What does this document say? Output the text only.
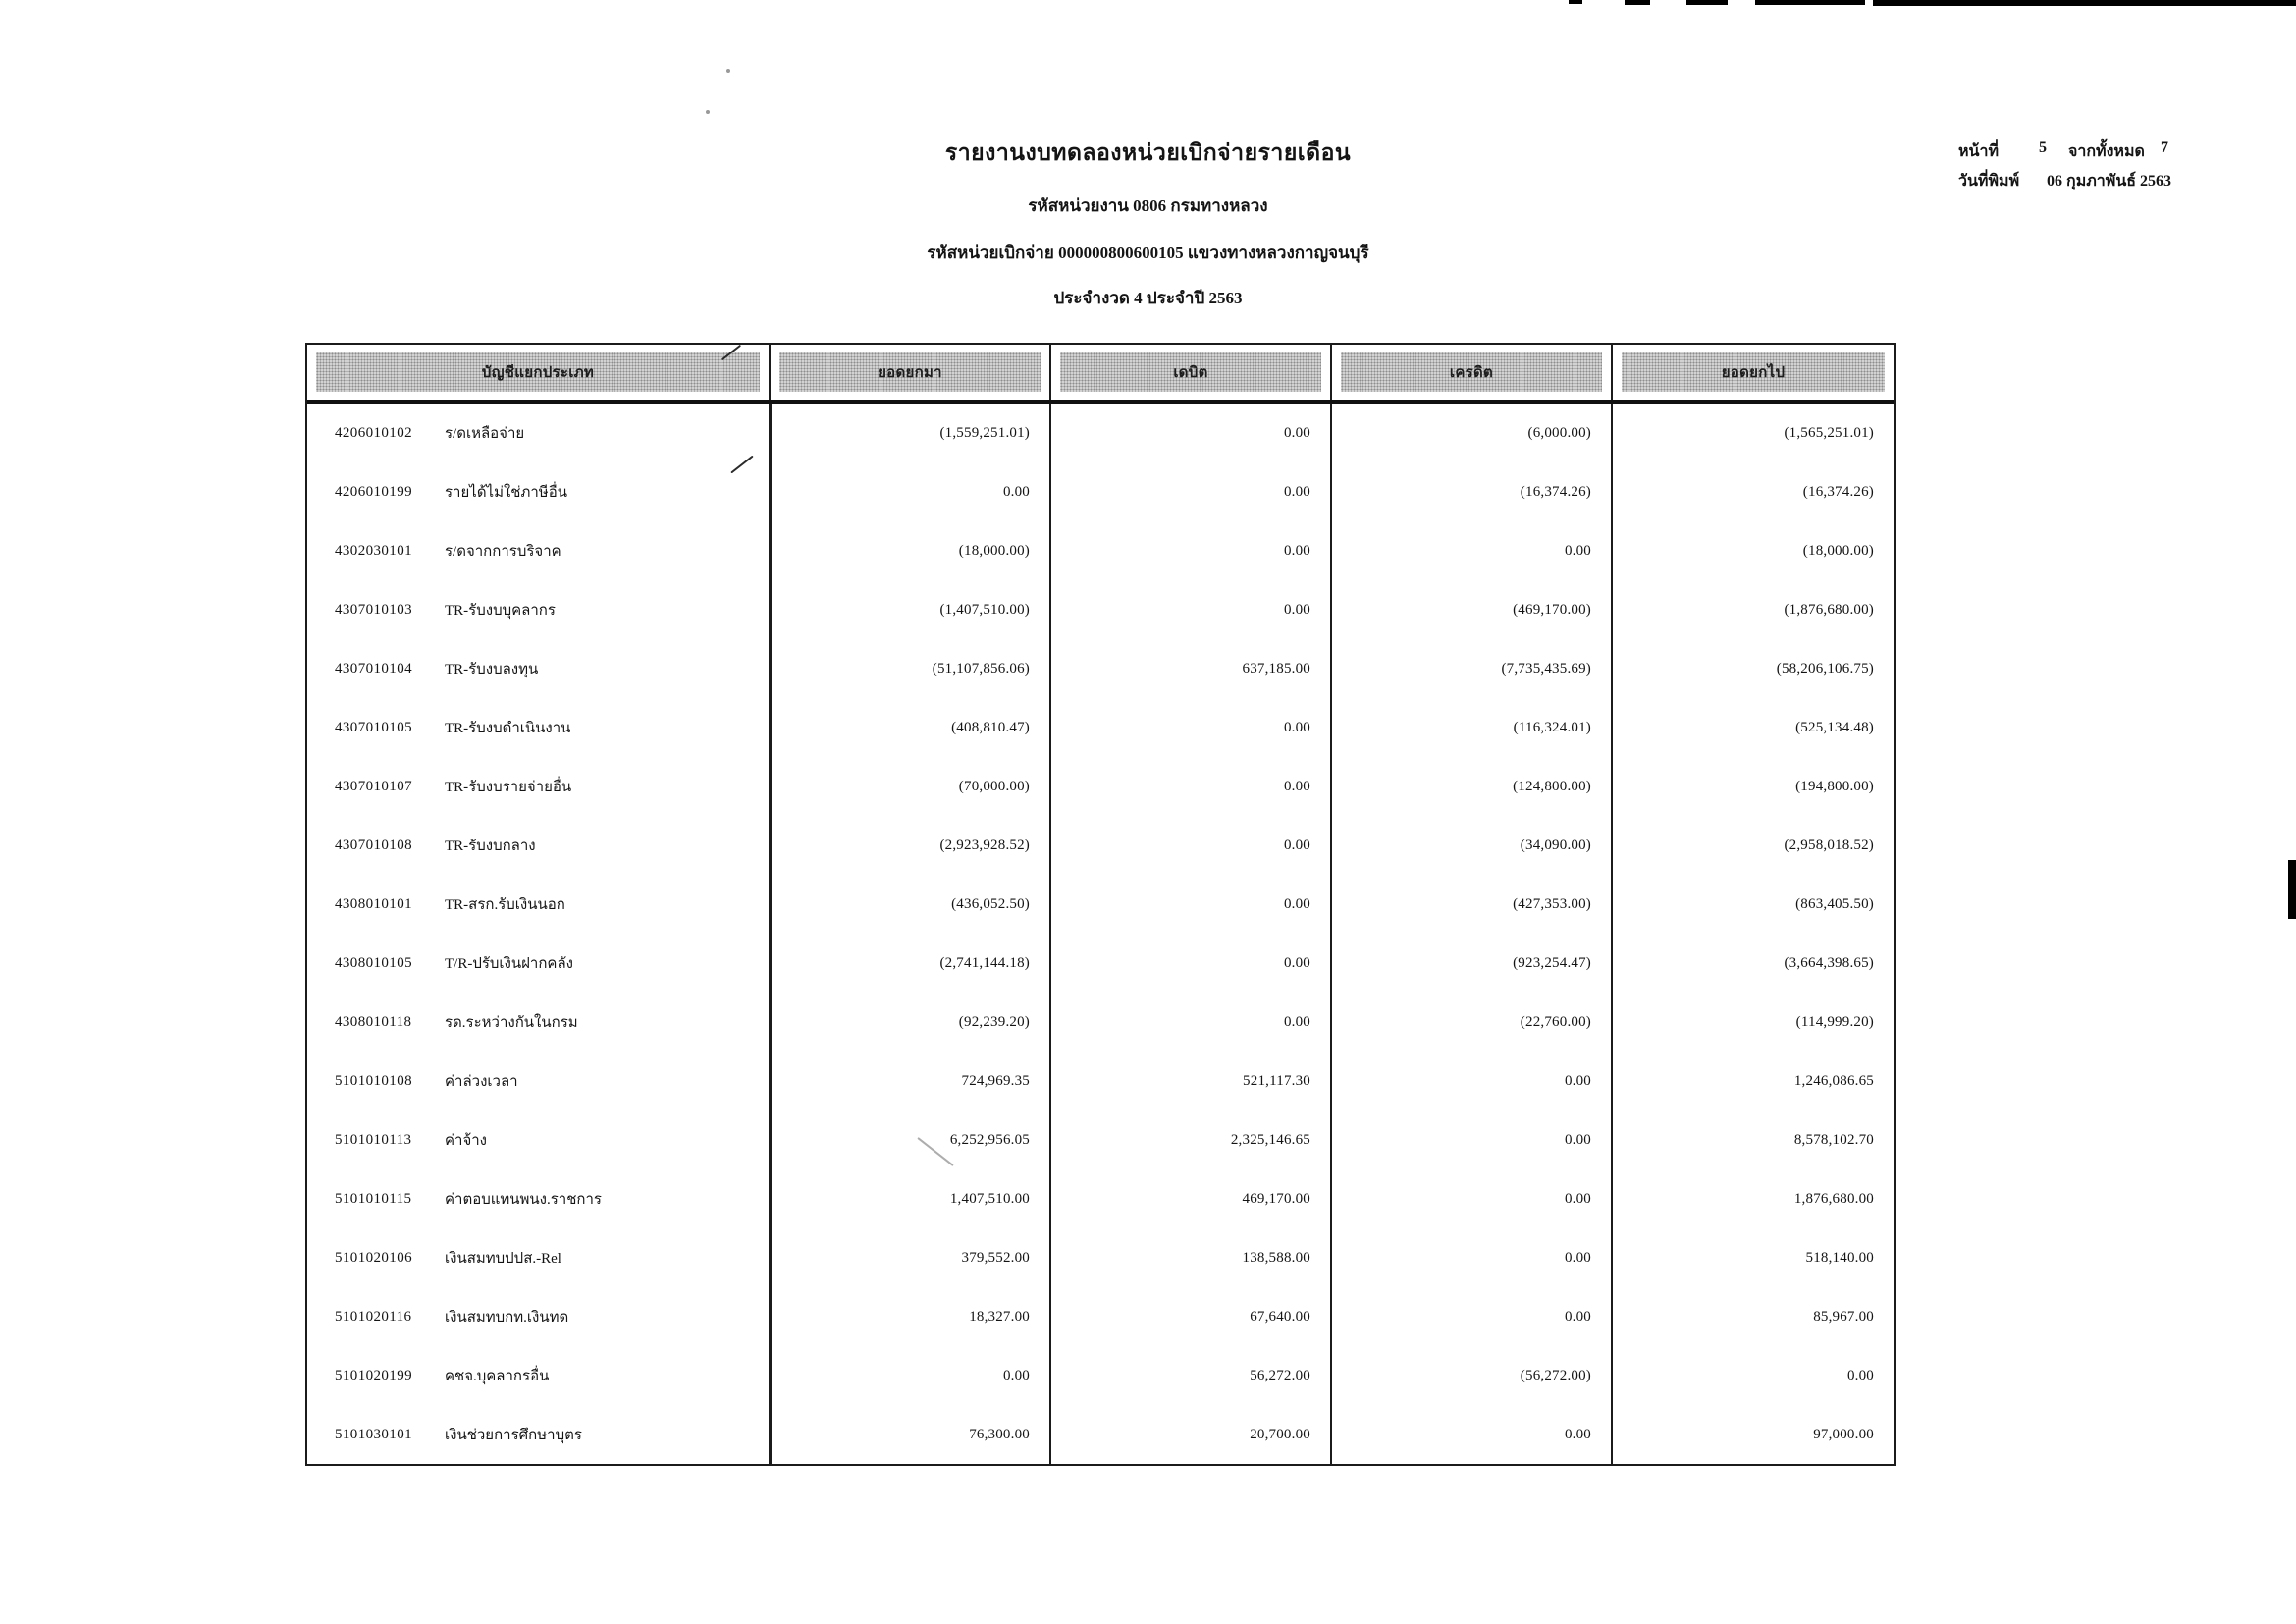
รายงานงบทดลองหน่วยเบิกจ่ายรายเดือน
รหัสหน่วยงาน 0806 กรมทางหลวง
รหัสหน่วยเบิกจ่าย 000000800600105 แขวงทางหลวงกาญจนบุรี
ประจำงวด 4 ประจำปี 2563
หน้าที่	5 จากทั้งหมด 7
วันที่พิมพ์ 06 กุมภาพันธ์ 2563
บัญชีแยกประเภท	ยอดยกมา	เดบิต	เครดิต	ยอดยกไป
4206010102	ร/ดเหลือจ่าย	(1,559,251.01)	0.00	(6,000.00)	(1,565,251.01)
4206010199	รายได้ไม่ใช่ภาษีอื่น	0.00	0.00	(16,374.26)	(16,374.26)
4302030101	ร/ดจากการบริจาค	(18,000.00)	0.00	0.00	(18,000.00)
4307010103	TR-รับงบบุคลากร	(1,407,510.00)	0.00	(469,170.00)	(1,876,680.00)
4307010104	TR-รับงบลงทุน	(51,107,856.06)	637,185.00	(7,735,435.69)	(58,206,106.75)
4307010105	TR-รับงบดำเนินงาน	(408,810.47)	0.00	(116,324.01)	(525,134.48)
4307010107	TR-รับงบรายจ่ายอื่น	(70,000.00)	0.00	(124,800.00)	(194,800.00)
4307010108	TR-รับงบกลาง	(2,923,928.52)	0.00	(34,090.00)	(2,958,018.52)
4308010101	TR-สรก.รับเงินนอก	(436,052.50)	0.00	(427,353.00)	(863,405.50)
4308010105	T/R-ปรับเงินฝากคลัง	(2,741,144.18)	0.00	(923,254.47)	(3,664,398.65)
4308010118	รด.ระหว่างกันในกรม	(92,239.20)	0.00	(22,760.00)	(114,999.20)
5101010108	ค่าล่วงเวลา	724,969.35	521,117.30	0.00	1,246,086.65
5101010113	ค่าจ้าง	6,252,956.05	2,325,146.65	0.00	8,578,102.70
5101010115	ค่าตอบแทนพนง.ราชการ	1,407,510.00	469,170.00	0.00	1,876,680.00
5101020106	เงินสมทบปปส.-Rel	379,552.00	138,588.00	0.00	518,140.00
5101020116	เงินสมทบกท.เงินทด	18,327.00	67,640.00	0.00	85,967.00
5101020199	คชจ.บุคลากรอื่น	0.00	56,272.00	(56,272.00)	0.00
5101030101	เงินช่วยการศึกษาบุตร	76,300.00	20,700.00	0.00	97,000.00
